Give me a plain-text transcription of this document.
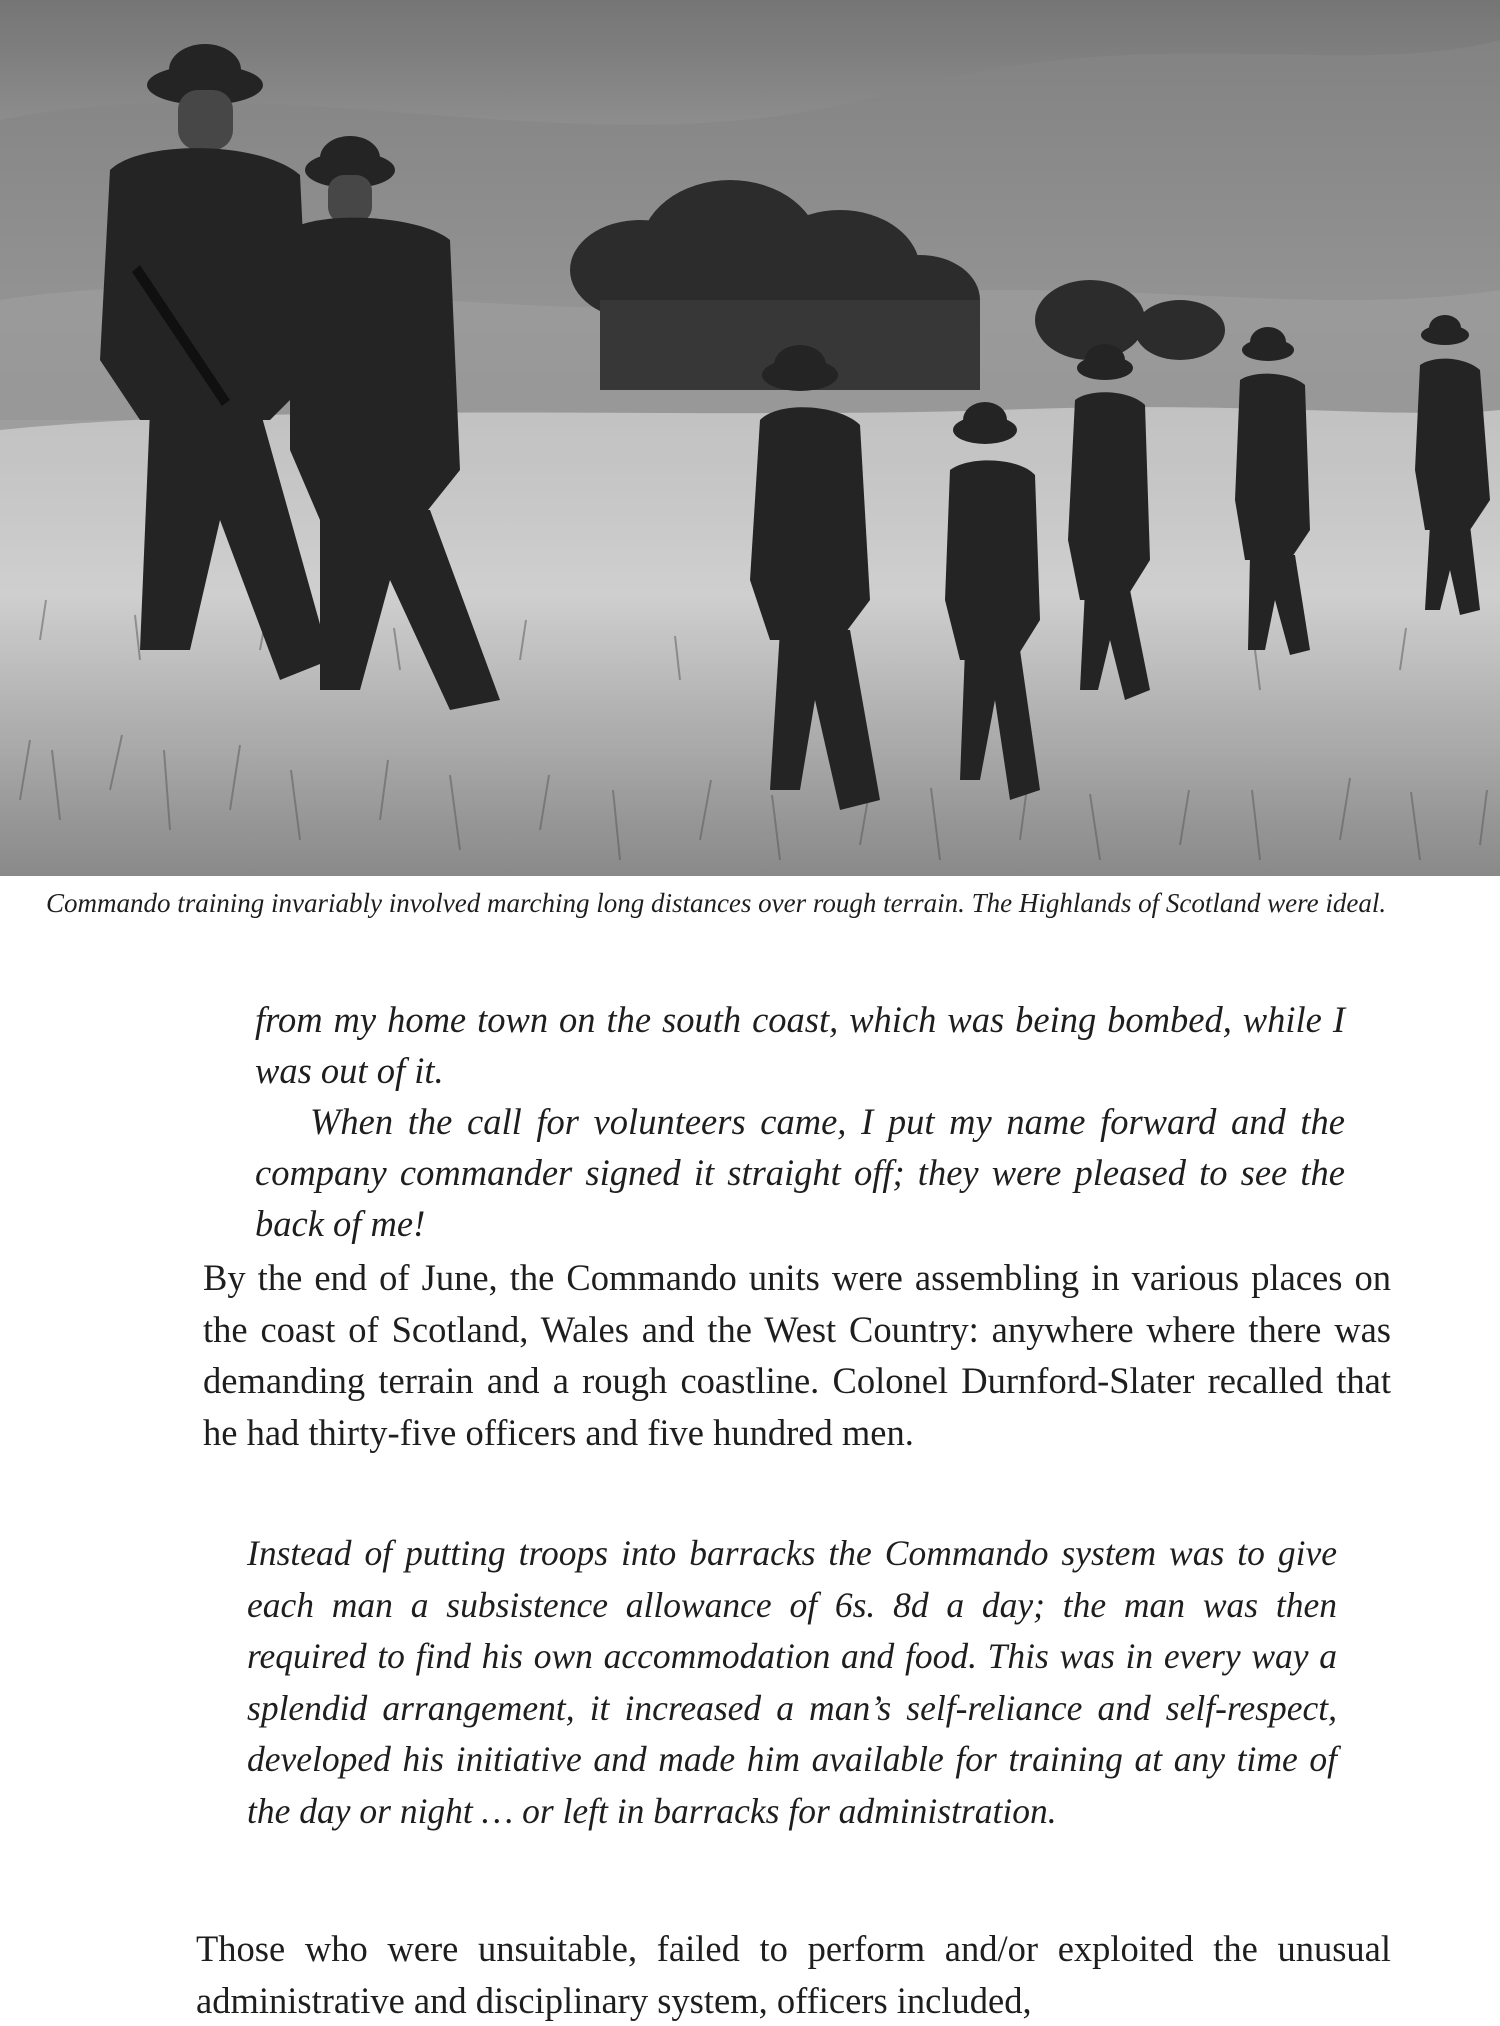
Commando training invariably involved marching long distances over rough terrain. The Highlands of Scotland were ideal.

from my home town on the south coast, which was being bombed, while I was out of it.

When the call for volunteers came, I put my name forward and the company commander signed it straight off; they were pleased to see the back of me!

By the end of June, the Commando units were assembling in various places on the coast of Scotland, Wales and the West Country: anywhere where there was demanding terrain and a rough coastline. Colonel Durnford-Slater recalled that he had thirty-five officers and five hundred men.

Instead of putting troops into barracks the Commando system was to give each man a subsistence allowance of 6s. 8d a day; the man was then required to find his own accommodation and food. This was in every way a splendid arrangement, it increased a man’s self-reliance and self-respect, developed his initiative and made him available for training at any time of the day or night … or left in barracks for administration.

Those who were unsuitable, failed to perform and/or exploited the unusual administrative and disciplinary system, officers included,
